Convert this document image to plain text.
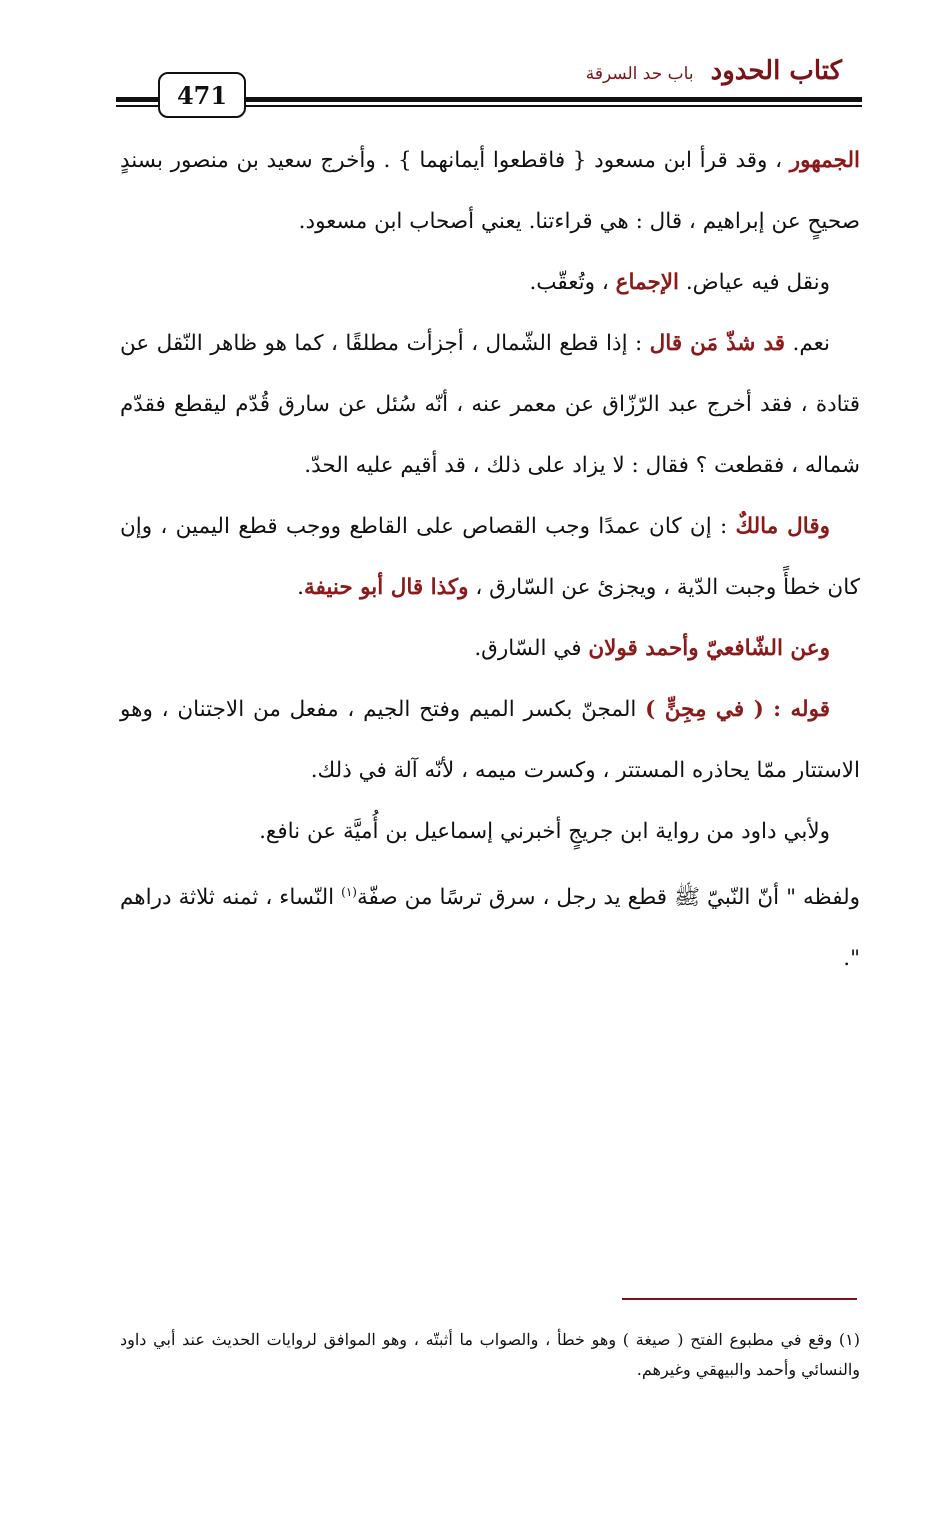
كتاب الحدود باب حد السرقة
471

الجمهور ، وقد قرأ ابن مسعود { فاقطعوا أيمانهما } . وأخرج سعيد بن منصور بسندٍ صحيحٍ عن إبراهيم ، قال : هي قراءتنا. يعني أصحاب ابن مسعود.

ونقل فيه عياض. الإجماع ، وتُعقّب.

نعم. قد شذّ مَن قال : إذا قطع الشّمال ، أجزأت مطلقًا ، كما هو ظاهر النّقل عن قتادة ، فقد أخرج عبد الرّزّاق عن معمر عنه ، أنّه سُئل عن سارق قُدّم ليقطع فقدّم شماله ، فقطعت ؟ فقال : لا يزاد على ذلك ، قد أقيم عليه الحدّ.

وقال مالكٌ : إن كان عمدًا وجب القصاص على القاطع ووجب قطع اليمين ، وإن كان خطأً وجبت الدّية ، ويجزئ عن السّارق ، وكذا قال أبو حنيفة.

وعن الشّافعيّ وأحمد قولان في السّارق.

قوله : ( في مِجِنٍّ ) المجنّ بكسر الميم وفتح الجيم ، مفعل من الاجتنان ، وهو الاستتار ممّا يحاذره المستتر ، وكسرت ميمه ، لأنّه آلة في ذلك.

ولأبي داود من رواية ابن جريجٍ أخبرني إسماعيل بن أُميَّة عن نافع.
ولفظه " أنّ النّبيّ ﷺ قطع يد رجل ، سرق ترسًا من صفّة$^{(١)}$ النّساء ، ثمنه ثلاثة دراهم ".

(١) وقع في مطبوع الفتح ( صيغة ) وهو خطأ ، والصواب ما أثبتّه ، وهو الموافق لروايات الحديث عند أبي داود والنسائي وأحمد والبيهقي وغيرهم.
